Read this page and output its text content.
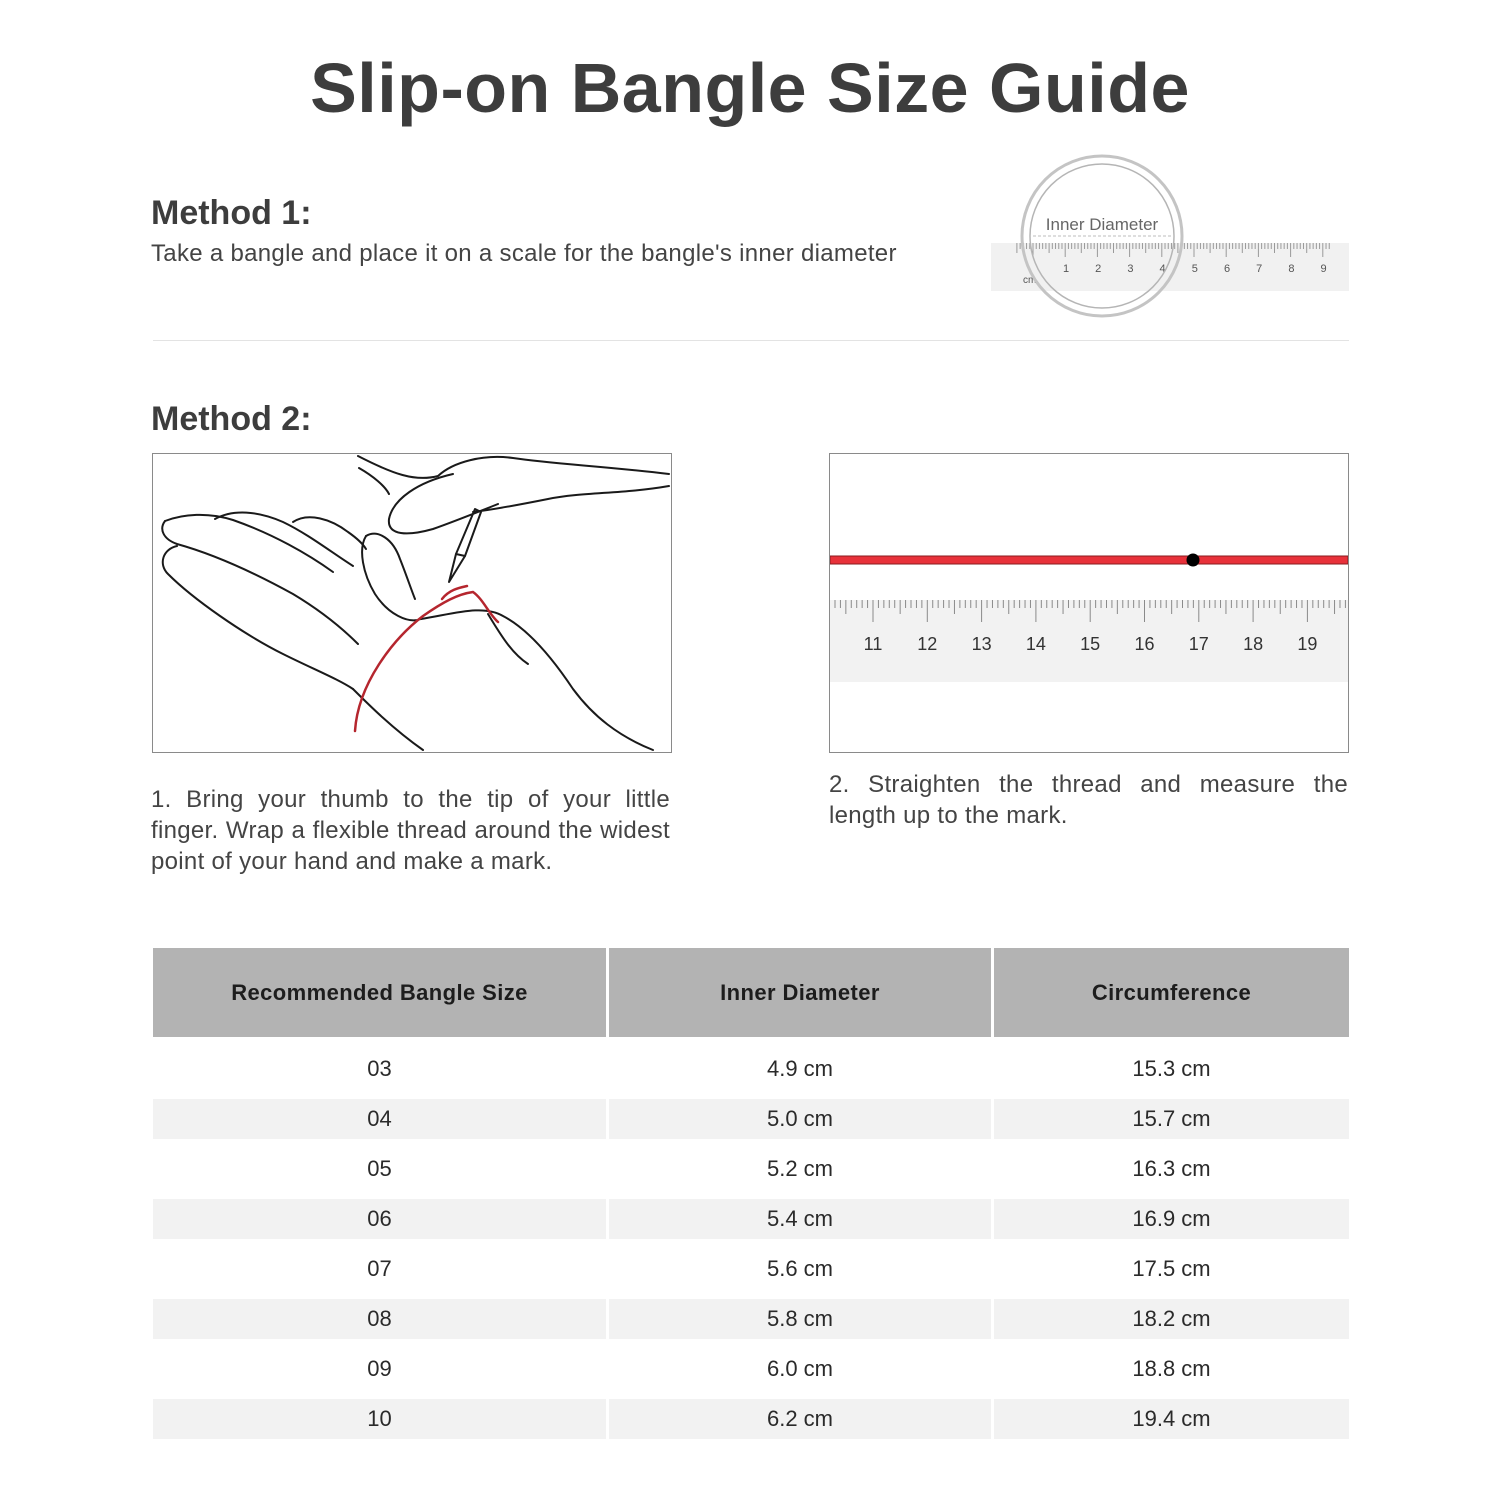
Slip-on Bangle Size Guide
Method 1:
Take a bangle and place it on a scale for the bangle's inner diameter
1 2 3 4 5 6 7 8 9
cm
Inner Diameter
Method 2:
11 12 13 14 15 16 17 18 19
1. Bring your thumb to the tip of your little finger. Wrap a flexible thread around the widest point of your hand and make a mark.
2. Straighten the thread and measure the length up to the mark.
Recommended Bangle Size	Inner Diameter	Circumference
03	4.9 cm	15.3 cm
04	5.0 cm	15.7 cm
05	5.2 cm	16.3 cm
06	5.4 cm	16.9 cm
07	5.6 cm	17.5 cm
08	5.8 cm	18.2 cm
09	6.0 cm	18.8 cm
10	6.2 cm	19.4 cm
